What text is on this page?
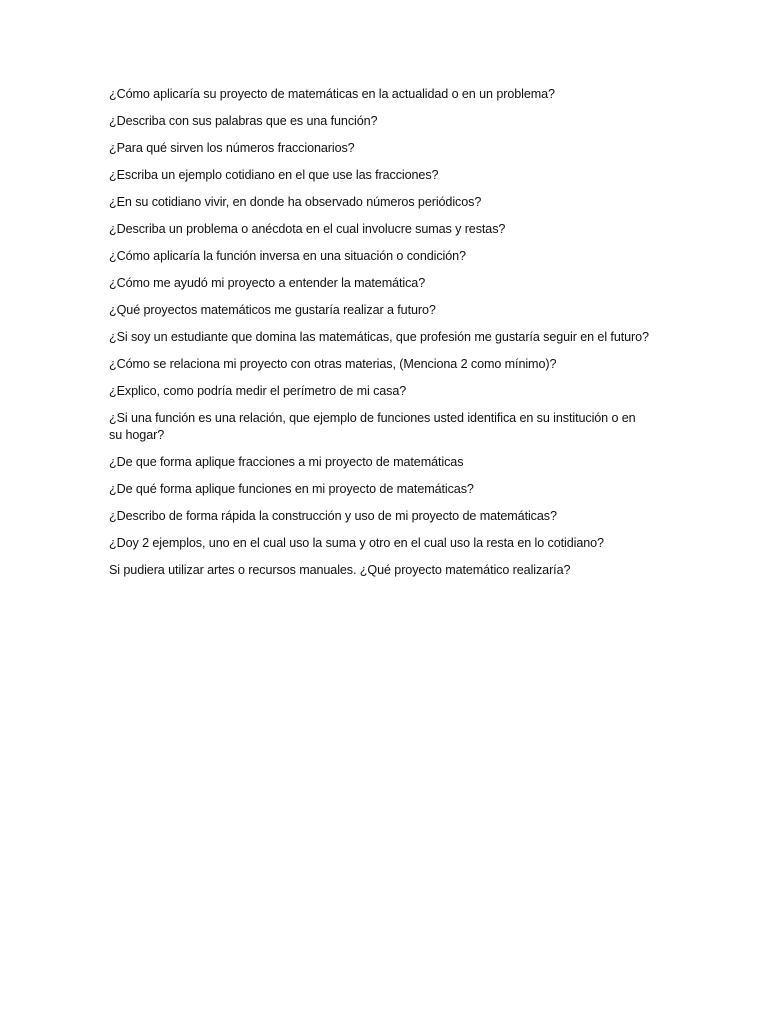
¿Cómo aplicaría su proyecto de matemáticas en la actualidad o en un problema?
¿Describa con sus palabras que es una función?
¿Para qué sirven los números fraccionarios?
¿Escriba un ejemplo cotidiano en el que use las fracciones?
¿En su cotidiano vivir, en donde ha observado números periódicos?
¿Describa un problema o anécdota en el cual involucre sumas y restas?
¿Cómo aplicaría la función inversa en una situación o condición?
¿Cómo me ayudó mi proyecto a entender la matemática?
¿Qué proyectos matemáticos me gustaría realizar a futuro?
¿Si soy un estudiante que domina las matemáticas, que profesión me gustaría seguir en el futuro?
¿Cómo se relaciona mi proyecto con otras materias, (Menciona 2 como mínimo)?
¿Explico, como podría medir el perímetro de mi casa?
¿Si una función es una relación, que ejemplo de funciones usted identifica en su institución o en su hogar?
¿De que forma aplique fracciones a mi proyecto de matemáticas
¿De qué forma aplique funciones en mi proyecto de matemáticas?
¿Describo de forma rápida la construcción y uso de mi proyecto de matemáticas?
¿Doy 2 ejemplos, uno en el cual uso la suma y otro en el cual uso la resta en lo cotidiano?
Si pudiera utilizar artes o recursos manuales. ¿Qué proyecto matemático realizaría?
